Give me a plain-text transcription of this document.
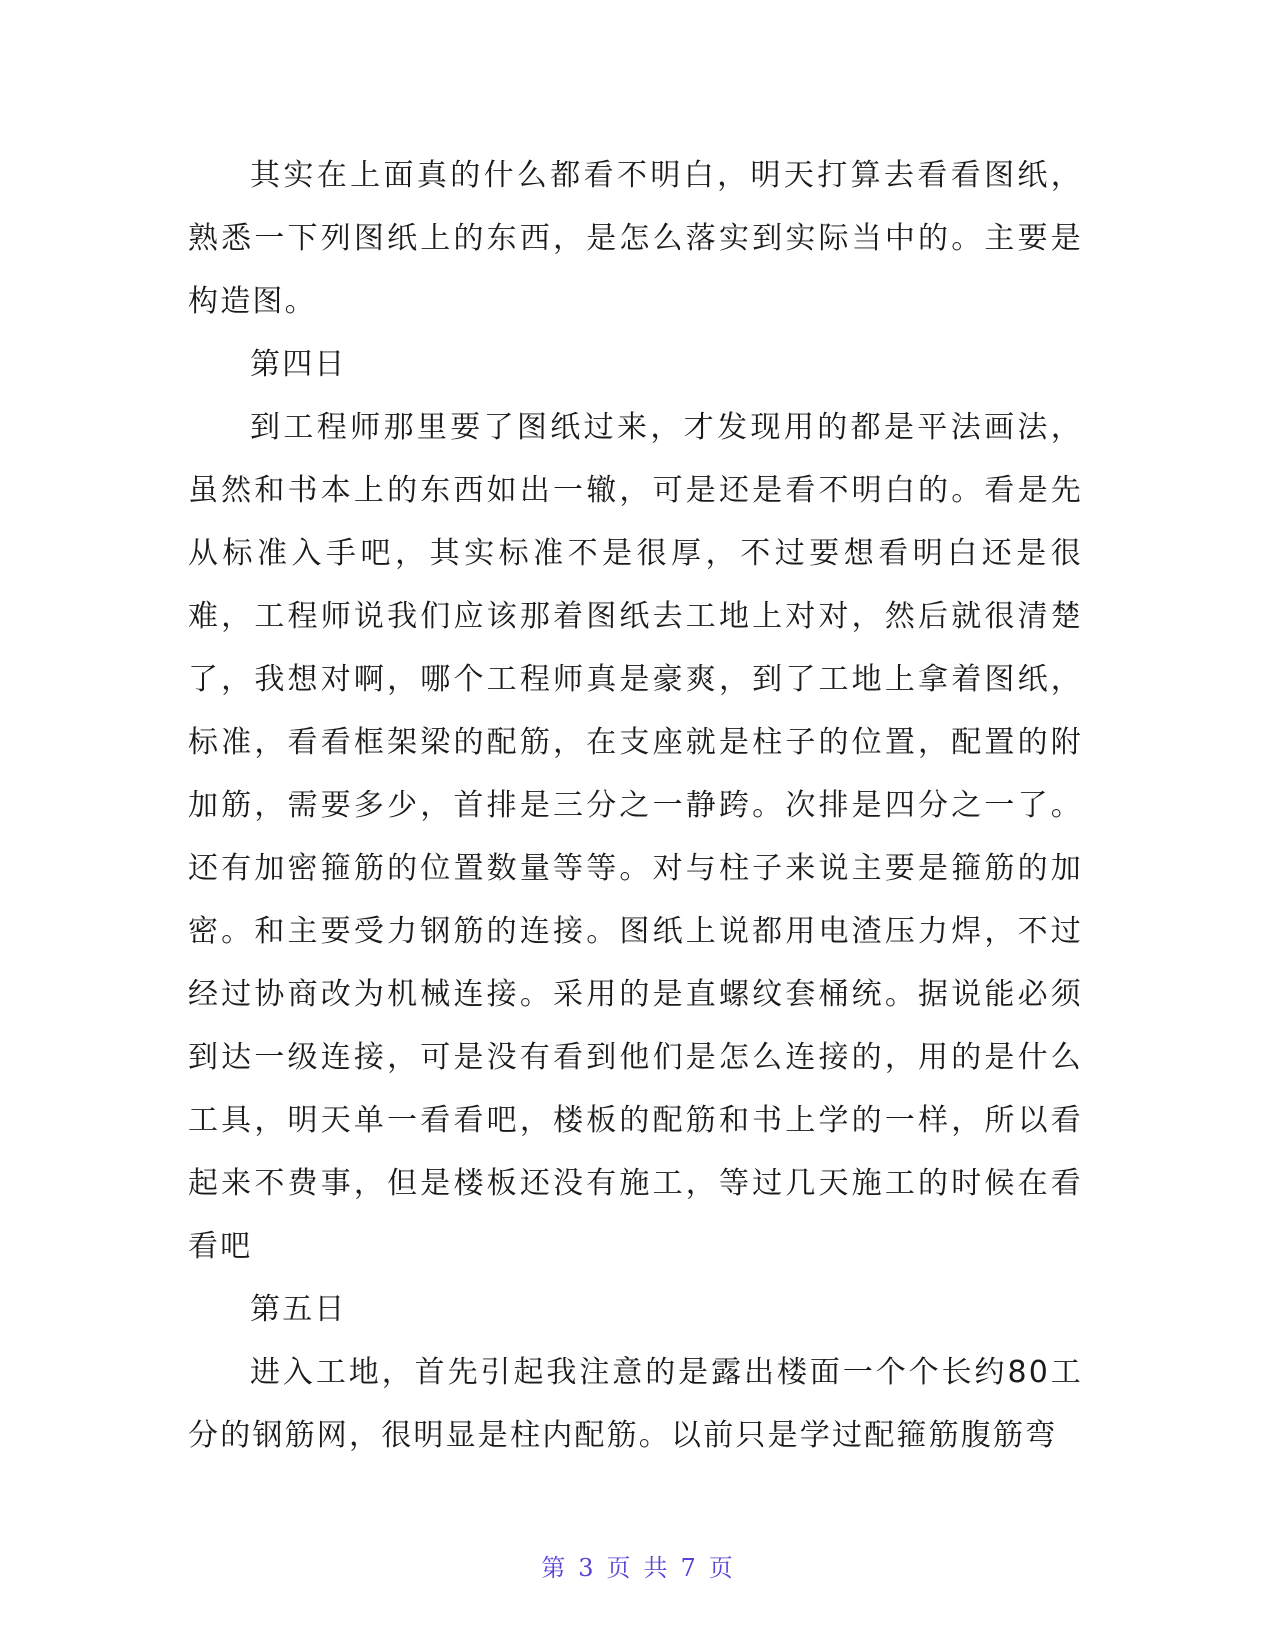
其实在上面真的什么都看不明白，明天打算去看看图纸，熟悉一下列图纸上的东西，是怎么落实到实际当中的。主要是构造图。

第四日

到工程师那里要了图纸过来，才发现用的都是平法画法，虽然和书本上的东西如出一辙，可是还是看不明白的。看是先从标准入手吧，其实标准不是很厚，不过要想看明白还是很难，工程师说我们应该那着图纸去工地上对对，然后就很清楚了，我想对啊，哪个工程师真是豪爽，到了工地上拿着图纸，标准，看看框架梁的配筋，在支座就是柱子的位置，配置的附加筋，需要多少，首排是三分之一静跨。次排是四分之一了。还有加密箍筋的位置数量等等。对与柱子来说主要是箍筋的加密。和主要受力钢筋的连接。图纸上说都用电渣压力焊，不过经过协商改为机械连接。采用的是直螺纹套桶统。据说能必须到达一级连接，可是没有看到他们是怎么连接的，用的是什么工具，明天单一看看吧，楼板的配筋和书上学的一样，所以看起来不费事，但是楼板还没有施工，等过几天施工的时候在看看吧

第五日

进入工地，首先引起我注意的是露出楼面一个个长约80工分的钢筋网，很明显是柱内配筋。以前只是学过配箍筋腹筋弯

第 3 页 共 7 页
